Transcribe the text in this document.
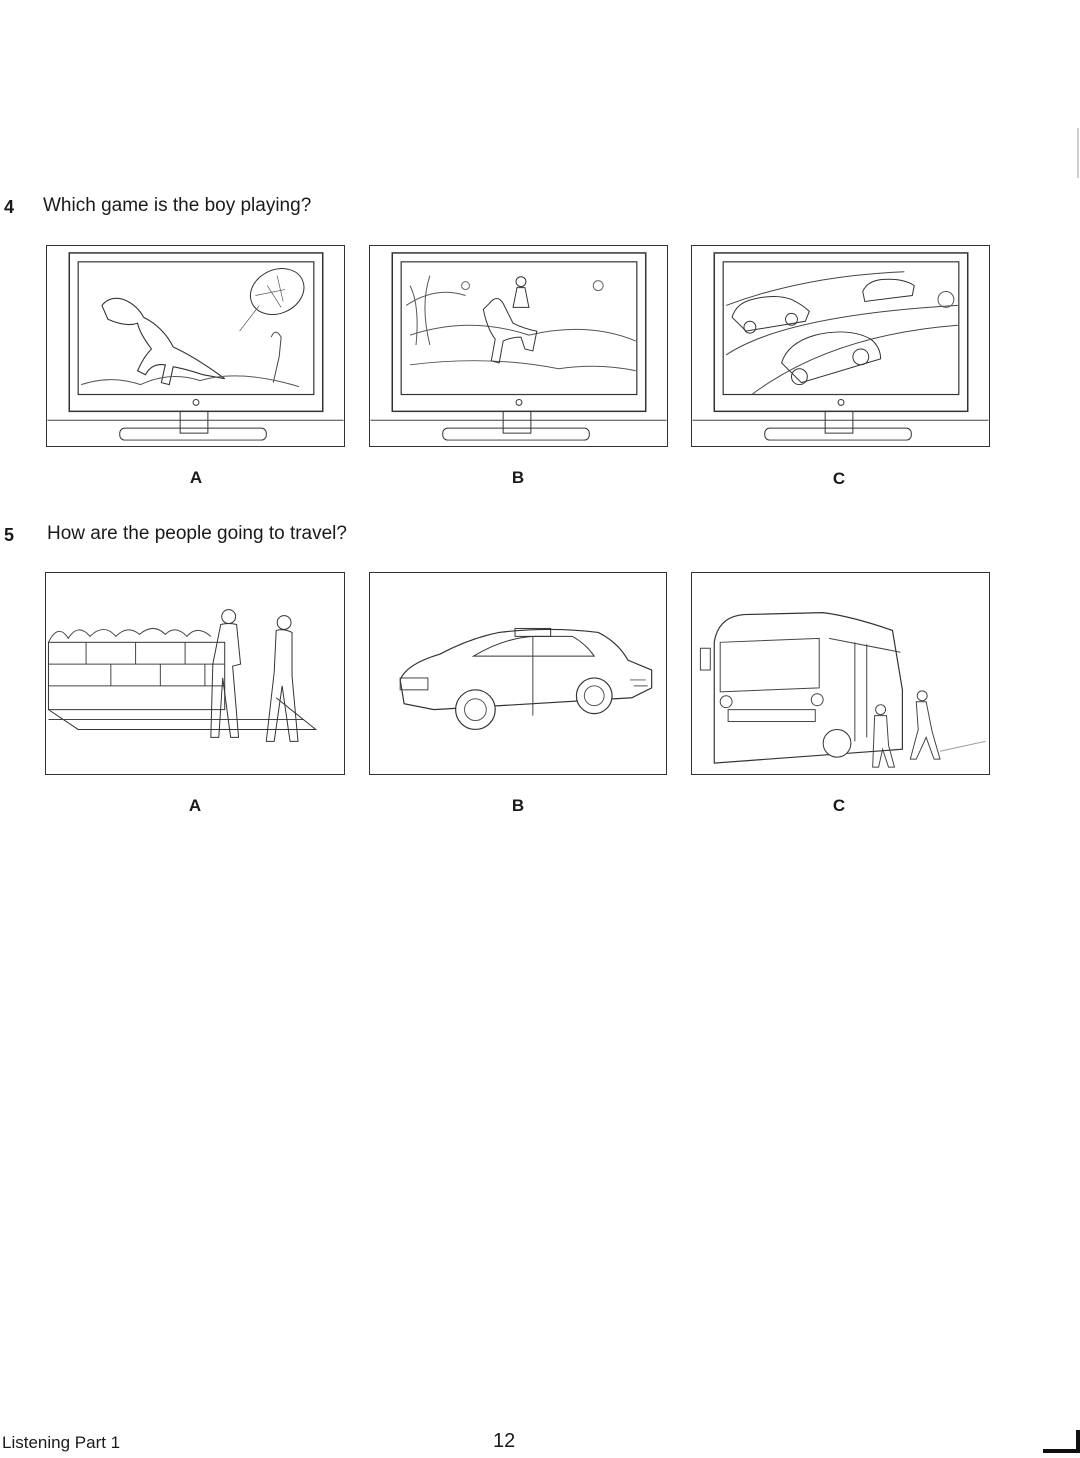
4 Which game is the boy playing?
A	B	C
5 How are the people going to travel?
A	B	C
Listening Part 1	12
